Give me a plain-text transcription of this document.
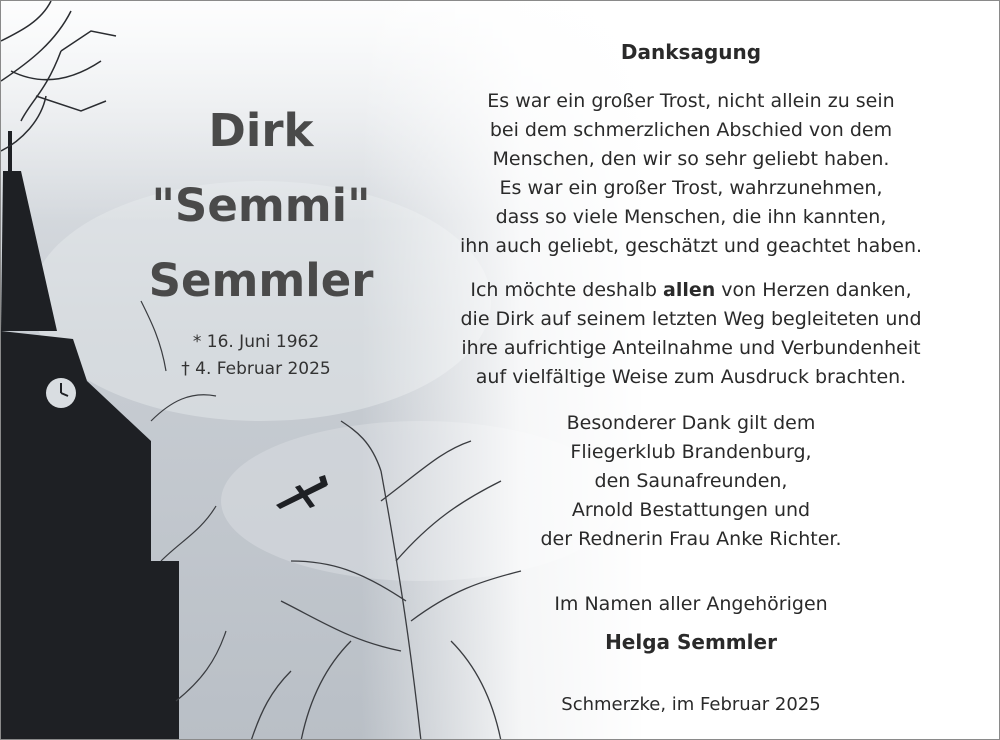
Dirk
"Semmi"
Semmler
* 16. Juni 1962
† 4. Februar 2025
Danksagung
Es war ein großer Trost, nicht allein zu sein
bei dem schmerzlichen Abschied von dem
Menschen, den wir so sehr geliebt haben.
Es war ein großer Trost, wahrzunehmen,
dass so viele Menschen, die ihn kannten,
ihn auch geliebt, geschätzt und geachtet haben.
Ich möchte deshalb allen von Herzen danken,
die Dirk auf seinem letzten Weg begleiteten und
ihre aufrichtige Anteilnahme und Verbundenheit
auf vielfältige Weise zum Ausdruck brachten.
Besonderer Dank gilt dem
Fliegerklub Brandenburg,
den Saunafreunden,
Arnold Bestattungen und
der Rednerin Frau Anke Richter.
Im Namen aller Angehörigen
Helga Semmler
Schmerzke, im Februar 2025
